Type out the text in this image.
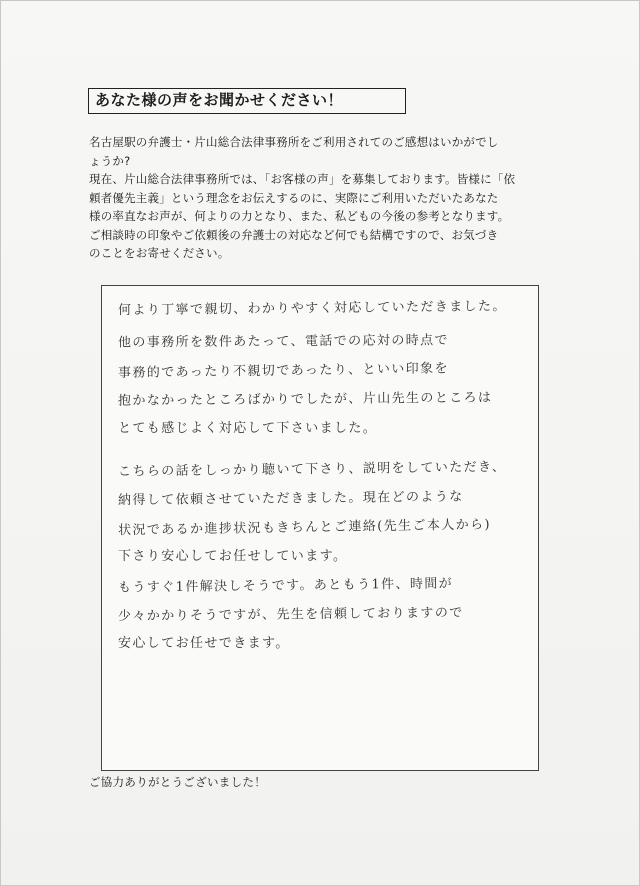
あなた様の声をお聞かせください！

名古屋駅の弁護士・片山総合法律事務所をご利用されてのご感想はいかがでし

ょうか?

現在、片山総合法律事務所では、「お客様の声」を募集しております。皆様に「依

頼者優先主義」という理念をお伝えするのに、実際にご利用いただいたあなた

様の率直なお声が、何よりの力となり、また、私どもの今後の参考となります。

ご相談時の印象やご依頼後の弁護士の対応など何でも結構ですので、お気づき

のことをお寄せください。

何より丁寧で親切、わかりやすく対応していただきました。
他の事務所を数件あたって、電話での応対の時点で
事務的であったり不親切であったり、といい印象を
抱かなかったところばかりでしたが、片山先生のところは
とても感じよく対応して下さいました。
こちらの話をしっかり聴いて下さり、説明をしていただき、
納得して依頼させていただきました。現在どのような
状況であるか進捗状況もきちんとご連絡(先生ご本人から)
下さり安心してお任せしています。
もうすぐ1件解決しそうです。あともう1件、時間が
少々かかりそうですが、先生を信頼しておりますので
安心してお任せできます。
ご協力ありがとうございました！
